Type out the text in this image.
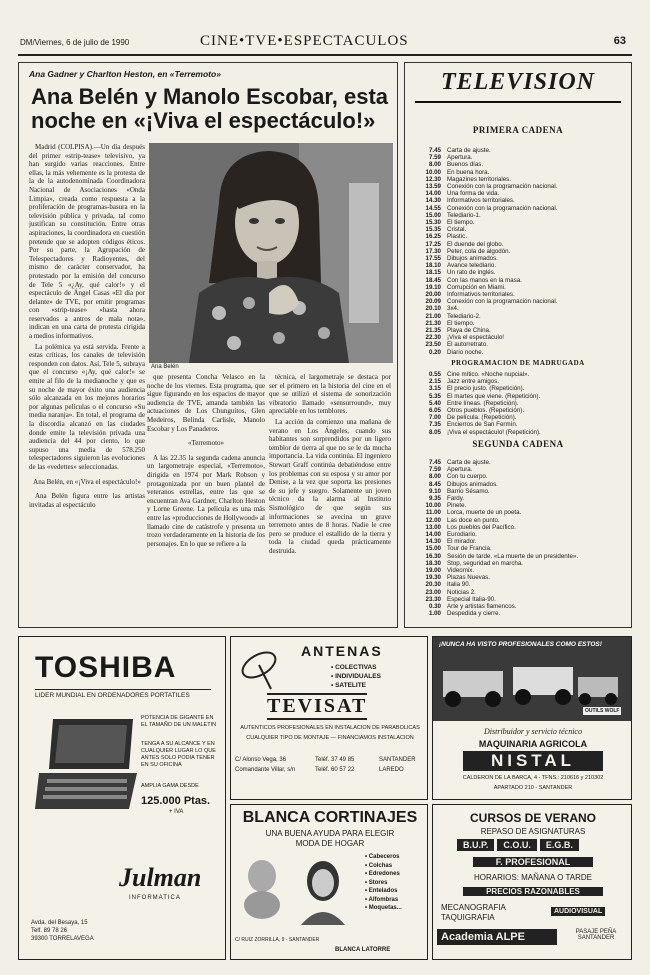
DM/Viernes, 6 de julio de 1990	CINE•TVE•ESPECTACULOS	63
Ana Gadner y Charlton Heston, en «Terremoto»
Ana Belén y Manolo Escobar, esta noche en «¡Viva el espectáculo!»

Madrid (COLPISA).—Un día después del primer «strip-tease» televisivo, ya han surgido varias reacciones. Entre ellas, la más vehemente es la protesta de la de la autodenominada Coordinadora Nacional de Asociaciones «Onda Limpia», creada como respuesta a la proliferación de programas-basura en la televisión pública y privada, tal como justifican su constitución. Entre otras aspiraciones, la coordinadora en cuestión pretende que se adopten códigos éticos. Por su parte, la Agrupación de Telespectadores y Radioyentes, del mismo de carácter conservador, ha protestado por la emisión del concurso de Tele 5 «¿Ay, qué calor!» y el espectáculo de Ángel Casas «El día por delante» de TVE, por emitir programas con «strip-tease» «hasta ahora reservados a antros de mala nota», indican en una carta de protesta cirigida a medios informativos.

La polémica ya está servida. Frente a estas críticas, los canales de televisión responden con datos. Así, Tele 5, subraya que el concurso «¡Ay, qué calor!» se emite al filo de la medianoche y que es su noche de mayor éxito una audiencia sólo alcanzada en los mejores horarios por algunas películas o el concurso «Su media naranja». En total, el programa de la discordia alcanzó en las ciudades donde emite la televisión privada una audiencia del 44 por ciento, lo que supuso una media de 578.250 telespectadores siguieron las evoluciones de las «vedettes» seleccionadas.

Ana Belén, en «¡Viva el espectáculo!»

Ana Belén figura entre las artistas invitadas al espectáculo

Ana Belén

que presenta Concha Velasco en la noche de los viernes. Esta programa, que sigue figurando en los espacios de mayor audiencia de TVE, amanda también las actuaciones de Los Chunguitos, Glen Medeiros, Belinda Carlisle, Manolo Escobar y Los Panaderos.

«Terremoto»

A las 22.35 la segunda cadena anuncia un largometraje especial, «Terremoto», dirigida en 1974 por Mark Robson y protagonizada por un buen plantel de veteranos estrellas, entre las que se encuentran Ava Gardner, Charlton Heston y Lorne Greene. La película es una más entre las «producciones de Hollywood» al llamado cine de catástrofe y presenta un trozo verdaderamente en la historia de los personajes. En lo que se refiere a la

técnica, el largometraje se destaca por ser el primero en la historia del cine en el que se utilizó el sistema de sonorización vibratorio llamado «sensurround», muy apreciable en los temblores.

La acción da comienzo una mañana de verano en Los Ángeles, cuando sus habitantes son sorprendidos por un ligero temblor de tierra al que no se le da mucha importancia. La vida continúa. El ingeniero Stewart Graff continúa debatiéndose entre los problemas con su esposa y su amor por Denise, a la vez que soporta las presiones de su jefe y suegro. Solamente un joven técnico da la alarma al Instituto Sismológico de que según sus informaciones se avecina un grave terremoto antes de 8 horas. Nadie le cree pero se produce el estallido de la tierra y toda la ciudad queda prácticamente destruida.

TELEVISION
PRIMERA CADENA
7.45 Carta de ajuste.
7.59 Apertura.
8.00 Buenos días.
10.00 En buena hora.
12.30 Magazines territoriales.
13.59 Conexión con la programación nacional.
14.00 Una forma de vida.
14.30 Informativos territoriales.
14.55 Conexión con la programación nacional.
15.00 Telediario-1.
15.30 El tiempo.
15.35 Cristal.
16.25 Plastic.
17.25 El duende del globo.
17.30 Peter, cola de algodón.
17.55 Dibujos animados.
18.10 Avance telediario.
18.15 Un rato de inglés.
18.45 Con las manos en la masa.
19.10 Corrupción en Miami.
20.00 Informativos territoriales.
20.09 Conexión con la programación nacional.
20.10 3x4.
21.00 Telediario-2.
21.30 El tiempo.
21.35 Playa de China.
22.30 ¡Viva el espectáculo!
23.50 El autorretrato.
0.20 Diario noche.
PROGRAMACION DE MADRUGADA
0.55 Cine mítico. «Noche nupcial».
2.15 Jazz entre amigos.
3.15 El precio justo. (Repetición).
5.35 El martes que viene. (Repetición).
5.40 Entre líneas. (Repetición).
6.05 Otros pueblos. (Repetición).
7.00 De película. (Repetición).
7.35 Encierros de San Fermín.
8.05 ¡Viva el espectáculo! (Repetición).
SEGUNDA CADENA
7.45 Carta de ajuste.
7.59 Apertura.
8.00 Con tu cuerpo.
8.45 Dibujos animados.
9.10 Barrio Sésamo.
9.35 Fardy.
10.00 Pinete.
11.00 Lorca, muerte de un poeta.
12.00 Las doce en punto.
13.00 Los pueblos del Pacífico.
14.00 Eurodiario.
14.30 El mirador.
15.00 Tour de Francia.
16.30 Sesión de tarde. «La muerte de un presidente».
18.30 Stop, seguridad en marcha.
19.00 Videomix.
19.30 Plazas Nuevas.
20.30 Italia 90.
23.00 Noticias 2.
23.30 Especial Italia-90.
0.30 Arte y artistas flamencos.
1.00 Despedida y cierre.
TOSHIBA
LIDER MUNDIAL EN ORDENADORES PORTATILES
POTENCIA DE GIGANTE EN EL TAMAÑO DE UN MALETIN
TENGA A SU ALCANCE Y EN CUALQUIER LUGAR LO QUE ANTES SOLO PODIA TENER EN SU OFICINA
AMPLIA GAMA DESDE
125.000 Ptas.
+ IVA
Julman
INFORMATICA
Avda. del Besaya, 15
Telf. 89 78 26
39300 TORRELAVEGA
ANTENAS
• COLECTIVAS
• INDIVIDUALES
• SATELITE
TEVISAT
AUTENTICOS PROFESIONALES EN INSTALACION DE PARABOLICAS
CUALQUIER TIPO DE MONTAJE — FINANCIAMOS INSTALACION
C/ Alonso Vega, 36
Comandante Villar, s/n
Teléf. 37 49 85
Teléf. 60 57 22
SANTANDER
LAREDO
¡NUNCA HA VISTO PROFESIONALES COMO ESTOS!
OUTILS WOLF
Distribuidor y servicio técnico
MAQUINARIA AGRICOLA
NISTAL
CALDERON DE LA BARCA, 4 - TFNS.: 210616 y 210302
APARTADO 210 - SANTANDER
BLANCA CORTINAJES
UNA BUENA AYUDA PARA ELEGIR
MODA DE HOGAR
• Cabeceros
• Colchas
• Edredones
• Stores
• Entelados
• Alfombras
• Moquetas...
C/ RUIZ ZORRILLA, 9 - SANTANDER
BLANCA LATORRE
CURSOS DE VERANO
REPASO DE ASIGNATURAS
B.U.P.	C.O.U.	E.G.B.
F. PROFESIONAL
HORARIOS: MAÑANA O TARDE
PRECIOS RAZONABLES
MECANOGRAFIA
TAQUIGRAFIA
AUDIOVISUAL
Academia ALPE	PASAJE PEÑA SANTANDER
